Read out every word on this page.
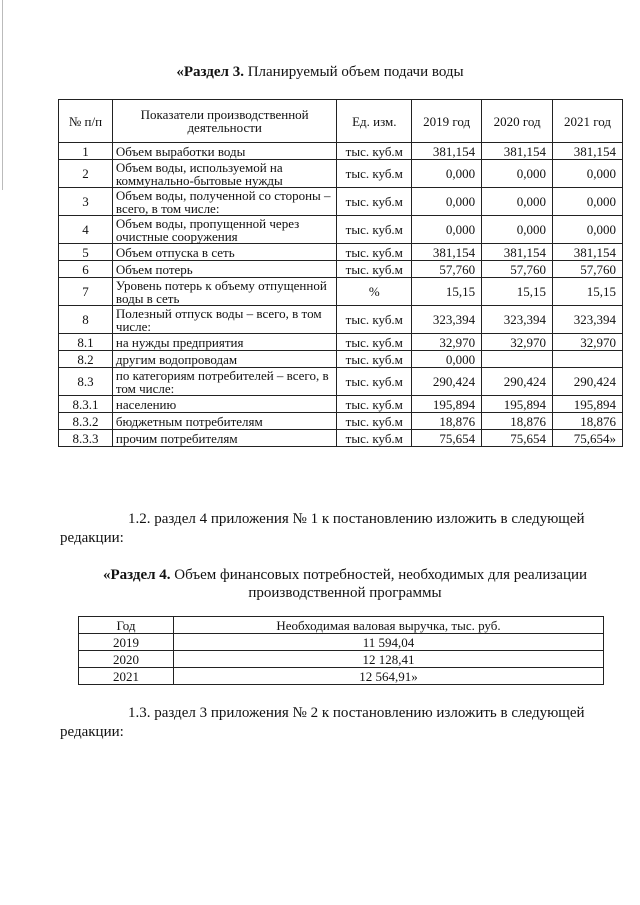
«Раздел 3. Планируемый объем подачи воды
№ п/п	Показатели производственной деятельности	Ед. изм.	2019 год	2020 год	2021 год
1	Объем выработки воды	тыс. куб.м	381,154	381,154	381,154
2	Объем воды, используемой на коммунально-бытовые нужды	тыс. куб.м	0,000	0,000	0,000
3	Объем воды, полученной со стороны – всего, в том числе:	тыс. куб.м	0,000	0,000	0,000
4	Объем воды, пропущенной через очистные сооружения	тыс. куб.м	0,000	0,000	0,000
5	Объем отпуска в сеть	тыс. куб.м	381,154	381,154	381,154
6	Объем потерь	тыс. куб.м	57,760	57,760	57,760
7	Уровень потерь к объему отпущенной воды в сеть	%	15,15	15,15	15,15
8	Полезный отпуск воды – всего, в том числе:	тыс. куб.м	323,394	323,394	323,394
8.1	на нужды предприятия	тыс. куб.м	32,970	32,970	32,970
8.2	другим водопроводам	тыс. куб.м	0,000		
8.3	по категориям потребителей – всего, в том числе:	тыс. куб.м	290,424	290,424	290,424
8.3.1	населению	тыс. куб.м	195,894	195,894	195,894
8.3.2	бюджетным потребителям	тыс. куб.м	18,876	18,876	18,876
8.3.3	прочим потребителям	тыс. куб.м	75,654	75,654	75,654»
1.2. раздел 4 приложения № 1 к постановлению изложить в следующей
редакции:
«Раздел 4. Объем финансовых потребностей, необходимых для реализации
производственной программы
Год	Необходимая валовая выручка, тыс. руб.
2019	11 594,04
2020	12 128,41
2021	12 564,91»
1.3. раздел 3 приложения № 2 к постановлению изложить в следующей
редакции:
